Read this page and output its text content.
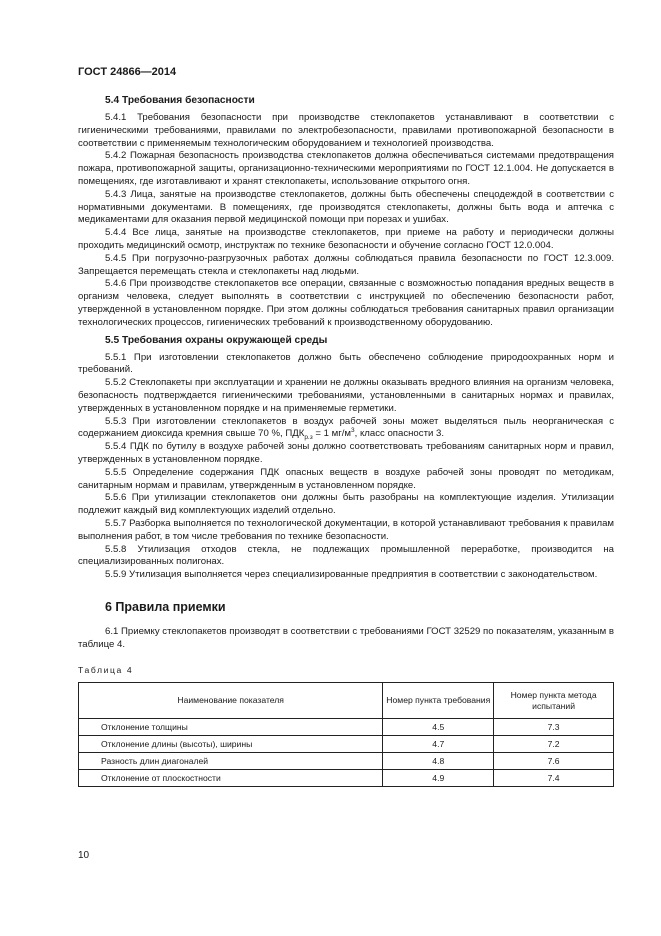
ГОСТ 24866—2014
5.4 Требования безопасности

5.4.1 Требования безопасности при производстве стеклопакетов устанавливают в соответствии с гигиеническими требованиями, правилами по электробезопасности, правилами противопожарной безопасности в соответствии с применяемым технологическим оборудованием и технологией производства.

5.4.2 Пожарная безопасность производства стеклопакетов должна обеспечиваться системами предотвращения пожара, противопожарной защиты, организационно-техническими мероприятиями по ГОСТ 12.1.004. Не допускается в помещениях, где изготавливают и хранят стеклопакеты, использование открытого огня.

5.4.3 Лица, занятые на производстве стеклопакетов, должны быть обеспечены спецодеждой в соответствии с нормативными документами. В помещениях, где производятся стеклопакеты, должны быть вода и аптечка с медикаментами для оказания первой медицинской помощи при порезах и ушибах.

5.4.4 Все лица, занятые на производстве стеклопакетов, при приеме на работу и периодически должны проходить медицинский осмотр, инструктаж по технике безопасности и обучение согласно ГОСТ 12.0.004.

5.4.5 При погрузочно-разгрузочных работах должны соблюдаться правила безопасности по ГОСТ 12.3.009. Запрещается перемещать стекла и стеклопакеты над людьми.

5.4.6 При производстве стеклопакетов все операции, связанные с возможностью попадания вредных веществ в организм человека, следует выполнять в соответствии с инструкцией по обеспечению безопасности работ, утвержденной в установленном порядке. При этом должны соблюдаться требования санитарных правил организации технологических процессов, гигиенических требований к производственному оборудованию.

5.5 Требования охраны окружающей среды

5.5.1 При изготовлении стеклопакетов должно быть обеспечено соблюдение природоохранных норм и требований.

5.5.2 Стеклопакеты при эксплуатации и хранении не должны оказывать вредного влияния на организм человека, безопасность подтверждается гигиеническими требованиями, установленными в санитарных нормах и правилах, утвержденных в установленном порядке и на применяемые герметики.

5.5.3 При изготовлении стеклопакетов в воздух рабочей зоны может выделяться пыль неорганическая с содержанием диоксида кремния свыше 70 %, $ПДК_{р.з} = 1$ $мг/м^3$, класс опасности 3.

5.5.4 ПДК по бутилу в воздухе рабочей зоны должно соответствовать требованиям санитарных норм и правил, утвержденных в установленном порядке.

5.5.5 Определение содержания ПДК опасных веществ в воздухе рабочей зоны проводят по методикам, санитарным нормам и правилам, утвержденным в установленном порядке.

5.5.6 При утилизации стеклопакетов они должны быть разобраны на комплектующие изделия. Утилизации подлежит каждый вид комплектующих изделий отдельно.

5.5.7 Разборка выполняется по технологической документации, в которой устанавливают требования к правилам выполнения работ, в том числе требования по технике безопасности.

5.5.8 Утилизация отходов стекла, не подлежащих промышленной переработке, производится на специализированных полигонах.

5.5.9 Утилизация выполняется через специализированные предприятия в соответствии с законодательством.

6 Правила приемки

6.1 Приемку стеклопакетов производят в соответствии с требованиями ГОСТ 32529 по показателям, указанным в таблице 4.

Таблица 4
Наименование показателя	Номер пункта требования	Номер пункта метода испытаний
Отклонение толщины	4.5	7.3
Отклонение длины (высоты), ширины	4.7	7.2
Разность длин диагоналей	4.8	7.6
Отклонение от плоскостности	4.9	7.4
10
